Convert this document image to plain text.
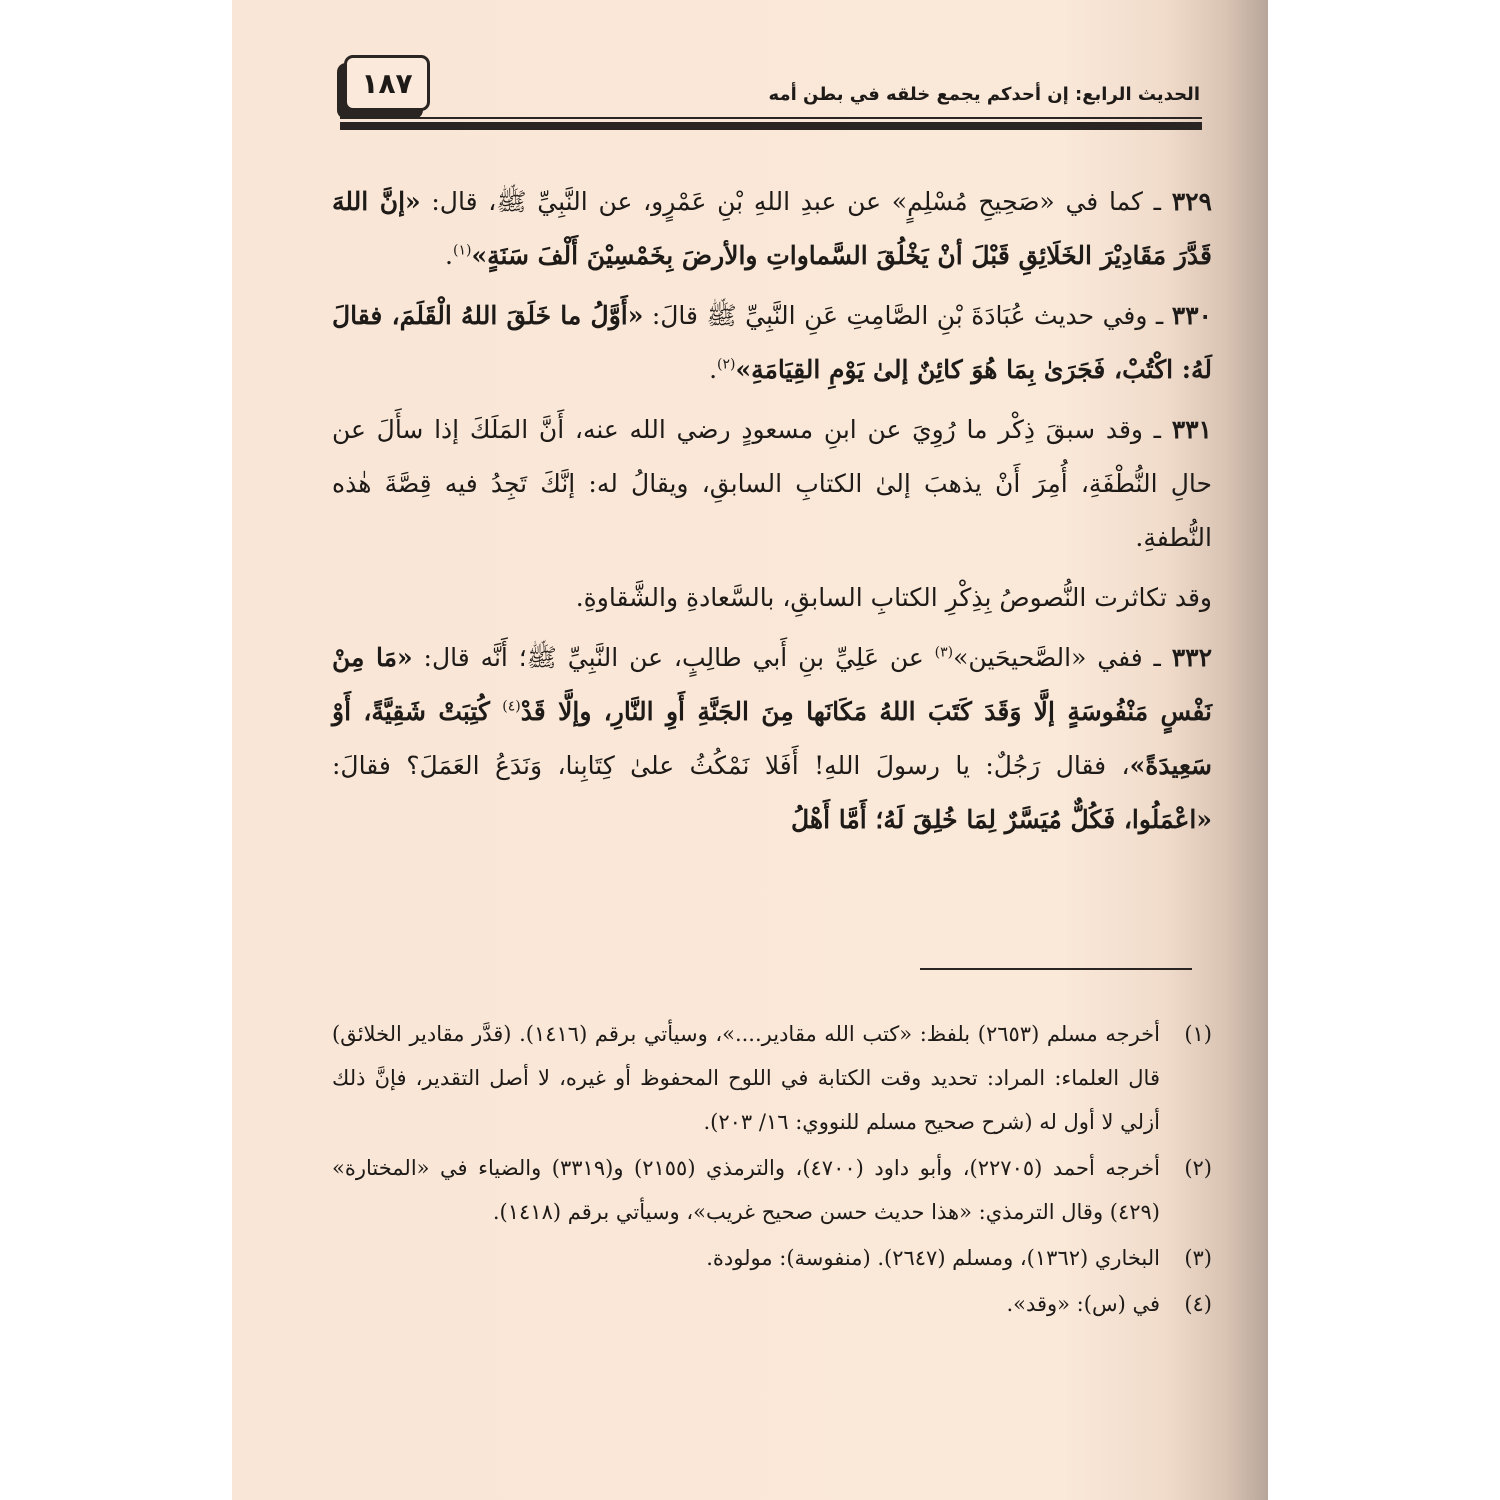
١٨٧	الحديث الرابع: إن أحدكم يجمع خلقه في بطن أمه

٣٢٩ ـ كما في «صَحِيحِ مُسْلِمٍ» عن عبدِ اللهِ بْنِ عَمْرٍو، عن النَّبِيِّ ﷺ، قال: «إنَّ اللهَ قَدَّرَ مَقَادِيْرَ الخَلَائِقِ قَبْلَ أنْ يَخْلُقَ السَّماواتِ والأرضَ بِخَمْسِيْنَ أَلْفَ سَنَةٍ»$^{(١)}$.

٣٣٠ ـ وفي حديث عُبَادَةَ بْنِ الصَّامِتِ عَنِ النَّبِيِّ ﷺ قالَ: «أَوَّلُ ما خَلَقَ اللهُ الْقَلَمَ، فقالَ لَهُ: اكْتُبْ، فَجَرَىٰ بِمَا هُوَ كائِنٌ إلىٰ يَوْمِ القِيَامَةِ»$^{(٢)}$.

٣٣١ ـ وقد سبقَ ذِكْر ما رُوِيَ عن ابنِ مسعودٍ رضي الله عنه، أَنَّ المَلَكَ إذا سأَلَ عن حالِ النُّطْفَةِ، أُمِرَ أَنْ يذهبَ إلىٰ الكتابِ السابقِ، ويقالُ له: إنَّكَ تَجِدُ فيه قِصَّةَ هٰذه النُّطفةِ.

وقد تكاثرت النُّصوصُ بِذِكْرِ الكتابِ السابقِ، بالسَّعادةِ والشَّقاوةِ.

٣٣٢ ـ ففي «الصَّحيحَين»$^{(٣)}$ عن عَلِيِّ بنِ أَبي طالِبٍ، عن النَّبِيِّ ﷺ؛ أَنَّه قال: «مَا مِنْ نَفْسٍ مَنْفُوسَةٍ إلَّا وَقَدَ كَتَبَ اللهُ مَكَانَها مِنَ الجَنَّةِ أَوِ النَّارِ، وإلَّا قَدْ$^{(٤)}$ كُتِبَتْ شَقِيَّةً، أَوْ سَعِيدَةً»، فقال رَجُلٌ: يا رسولَ اللهِ! أَفَلا نَمْكُثُ علىٰ كِتَابِنا، وَنَدَعُ العَمَلَ؟ فقالَ: «اعْمَلُوا، فَكُلٌّ مُيَسَّرٌ لِمَا خُلِقَ لَهُ؛ أَمَّا أَهْلُ

(١)
أخرجه مسلم (٢٦٥٣) بلفظ: «كتب الله مقادير....»، وسيأتي برقم (١٤١٦). (قدَّر مقادير الخلائق) قال العلماء: المراد: تحديد وقت الكتابة في اللوح المحفوظ أو غيره، لا أصل التقدير، فإنَّ ذلك أزلي لا أول له (شرح صحيح مسلم للنووي: ١٦/ ٢٠٣).

(٢)
أخرجه أحمد (٢٢٧٠٥)، وأبو داود (٤٧٠٠)، والترمذي (٢١٥٥) و(٣٣١٩) والضياء في «المختارة» (٤٢٩) وقال الترمذي: «هذا حديث حسن صحيح غريب»، وسيأتي برقم (١٤١٨).

(٣)
البخاري (١٣٦٢)، ومسلم (٢٦٤٧). (منفوسة): مولودة.

(٤)
في (س): «وقد».
